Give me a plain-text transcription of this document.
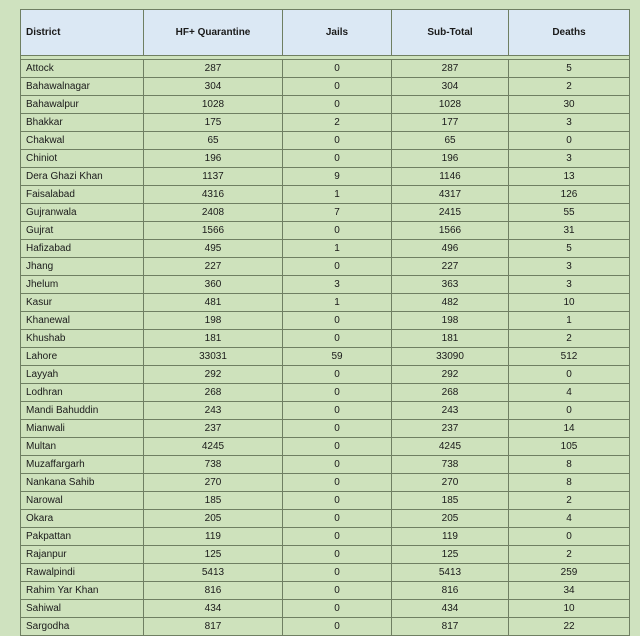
District	HF+ Quarantine	Jails	Sub-Total	Deaths

Attock	287	0	287	5
Bahawalnagar	304	0	304	2
Bahawalpur	1028	0	1028	30
Bhakkar	175	2	177	3
Chakwal	65	0	65	0
Chiniot	196	0	196	3
Dera Ghazi Khan	1137	9	1146	13
Faisalabad	4316	1	4317	126
Gujranwala	2408	7	2415	55
Gujrat	1566	0	1566	31
Hafizabad	495	1	496	5
Jhang	227	0	227	3
Jhelum	360	3	363	3
Kasur	481	1	482	10
Khanewal	198	0	198	1
Khushab	181	0	181	2
Lahore	33031	59	33090	512
Layyah	292	0	292	0
Lodhran	268	0	268	4
Mandi Bahuddin	243	0	243	0
Mianwali	237	0	237	14
Multan	4245	0	4245	105
Muzaffargarh	738	0	738	8
Nankana Sahib	270	0	270	8
Narowal	185	0	185	2
Okara	205	0	205	4
Pakpattan	119	0	119	0
Rajanpur	125	0	125	2
Rawalpindi	5413	0	5413	259
Rahim Yar Khan	816	0	816	34
Sahiwal	434	0	434	10
Sargodha	817	0	817	22
